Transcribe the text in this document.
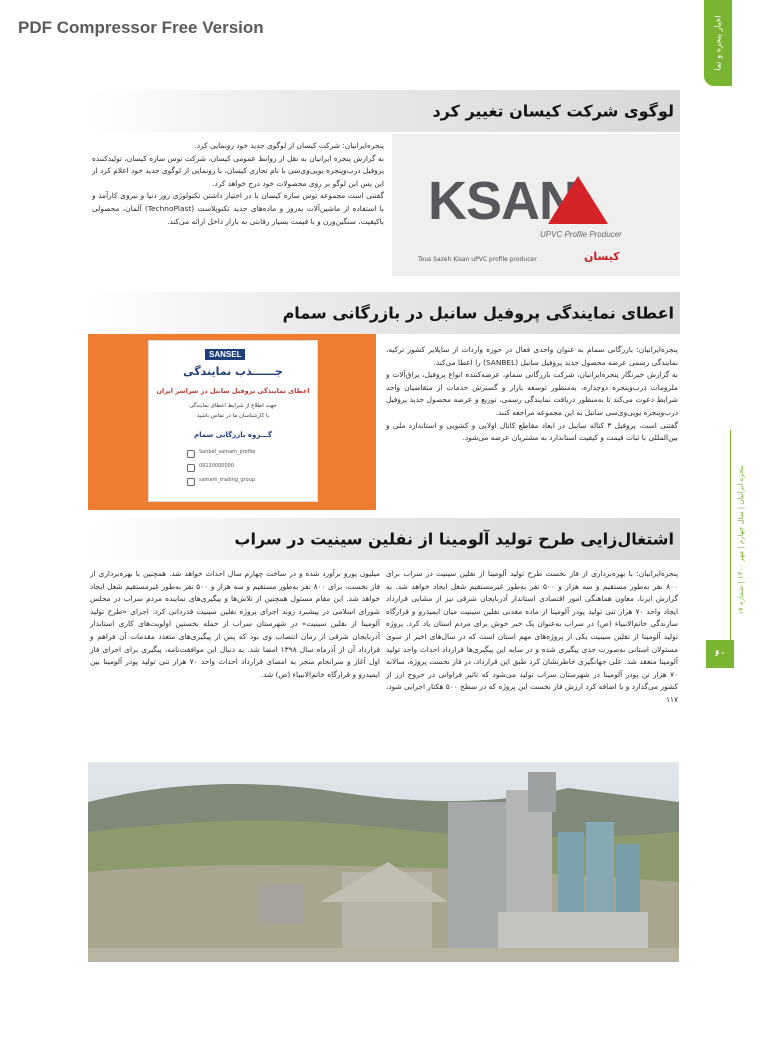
PDF Compressor Free Version	اخبار پنجره و نما
پنجره ایرانیان | سال چهارم | مهر ۱۴۰۰ | شماره ۱۷
۶۰
لوگوی شرکت کیسان تغییر کرد

پنجره‌ایرانیان: شرکت کیسان از لوگوی جدید خود رونمایی کرد.

به گزارش پنجره ایرانیان به نقل از روابط عمومی کیسان، شرکت توس سازه کیسان، تولیدکننده پروفیل درب‌وپنجره یوپی‌وی‌سی با نام تجاری کیسان، با رونمایی از لوگوی جدید خود اعلام کرد از این پس این لوگو بر روی محصولات خود درج خواهد کرد.

گفتنی است مجموعه توس سازه کیسان با در اختیار داشتن تکنولوژی روز دنیا و نیروی کارآمد و با استفاده از ماشین‌آلات به‌روز و ماده‌های جدید تکنوپلاست (TechnoPlast) آلمان، محصولی باکیفیت، سنگین‌وزن و با قیمت بسیار رقابتی به بازار داخل ارائه می‌کند. KSAN
UPVC Profile Producer
Tous Sazeh Kisan uPVC profile producer	کیسان
اعطای نمایندگی پروفیل سانبل در بازرگانی سمام
SANSEL
جــــــذب نمایندگی
اعطای نمایندگی پروفیل سانبل در سراسر ایران
جهت اطلاع از شرایط اعطای نمایندگی
با کارشناسان ما در تماس باشید
گـــروه بازرگانی سمام
Sanbel_samam_profile
09120000000
samam_trading_group

پنجره‌ایرانیان: بازرگانی سمام به عنوان واحدی فعال در حوزه واردات از ساپلایر کشور ترکیه، نمایندگی رسمی عرضه محصول جدید پروفیل سانبل (SANBEL) را اعطا می‌کند.

به گزارش خبرنگار پنجره‌ایرانیان، شرکت بازرگانی سمام، عرضه‌کننده انواع پروفیل، یراق‌آلات و ملزومات درب‌وپنجره دوجداره، به‌منظور توسعه بازار و گسترش خدمات از متقاضیان واجد شرایط دعوت می‌کند تا به‌منظور دریافت نمایندگی رسمی، توزیع و عرضه محصول جدید پروفیل درب‌وپنجره یوپی‌وی‌سی سانبل به این مجموعه مراجعه کنند.

گفتنی است، پروفیل ۳ کناله سانبل در ابعاد مقاطع کانال اولایی و کشویی و استاندارد ملی و بین‌المللی با ثبات قیمت و کیفیت استاندارد به مشتریان عرضه می‌شود.

اشتغال‌زایی طرح تولید آلومینا از نفلین سینیت در سراب
پنجره‌ایرانیان: با بهره‌برداری از فاز نخست طرح تولید آلومینا از نفلین سینیت در سراب برای ۸۰۰ نفر به‌طور مستقیم و سه هزار و ۵۰۰ نفر به‌طور غیرمستقیم شغل ایجاد خواهد شد. به گزارش ایرنا، معاون هماهنگی امور اقتصادی استاندار آذربایجان شرقی نیز از مشابی قرارداد ایجاد واحد ۷۰ هزار تنی تولید پودر آلومینا از ماده معدنی نفلین سینیت میان ایمیدرو و قرارگاه سازندگی خاتم‌الانبیاء (ص) در سراب به‌عنوان یک خبر خوش برای مردم استان یاد کرد. پروژه تولید آلومینا از نفلین سینیت یکی از پروژه‌های مهم استان است که در سال‌های اخیر از سوی مسئولان استانی به‌صورت جدی پیگیری شده و در سایه این پیگیری‌ها قرارداد احداث واحد تولید آلومینا منعقد شد. علی جهانگیری خاطرنشان کرد طبق این قرارداد، در فاز نخست پروژه، سالانه ۷۰ هزار تن پودر آلومینا در شهرستان سراب تولید می‌شود که تاثیر فراوانی در خروج ارز از کشور می‌گذارد و با اضافه کرد ارزش فاز نخست این پروژه که در سطح ۵۰۰ هکتار اجرایی شود، ۱۱۷
میلیون یورو برآورد شده و در ساخت چهارم سال احداث خواهد شد. همچنین با بهره‌برداری از فاز نخست، برای ۸۰۰ نفر به‌طور مستقیم و سه هزار و ۵۰۰ نفر به‌طور غیرمستقیم شغل ایجاد خواهد شد. این مقام مسئول همچنین از تلاش‌ها و پیگیری‌های نماینده مردم سراب در مجلس شورای اسلامی در پیشبرد روند اجرای پروژه نفلین سینیت قدردانی کرد. اجرای «طرح تولید آلومینا از نفلین سینیت» در شهرستان سراب از جمله نخستین اولویت‌های کاری استاندار آذربایجان شرقی از زمان انتصاب وی بود که پس از پیگیری‌های متعدد مقدمات آن فراهم و قرارداد آن از آذرماه سال ۱۳۹۸ امضا شد. به دنبال این موافقت‌نامه، پیگیری برای اجرای فاز اول آغاز و سرانجام منجر به امضای قرارداد احداث واحد ۷۰ هزار تنی تولید پودر آلومینا بین ایمیدرو و قرارگاه خاتم‌الانبیاء (ص) شد.
